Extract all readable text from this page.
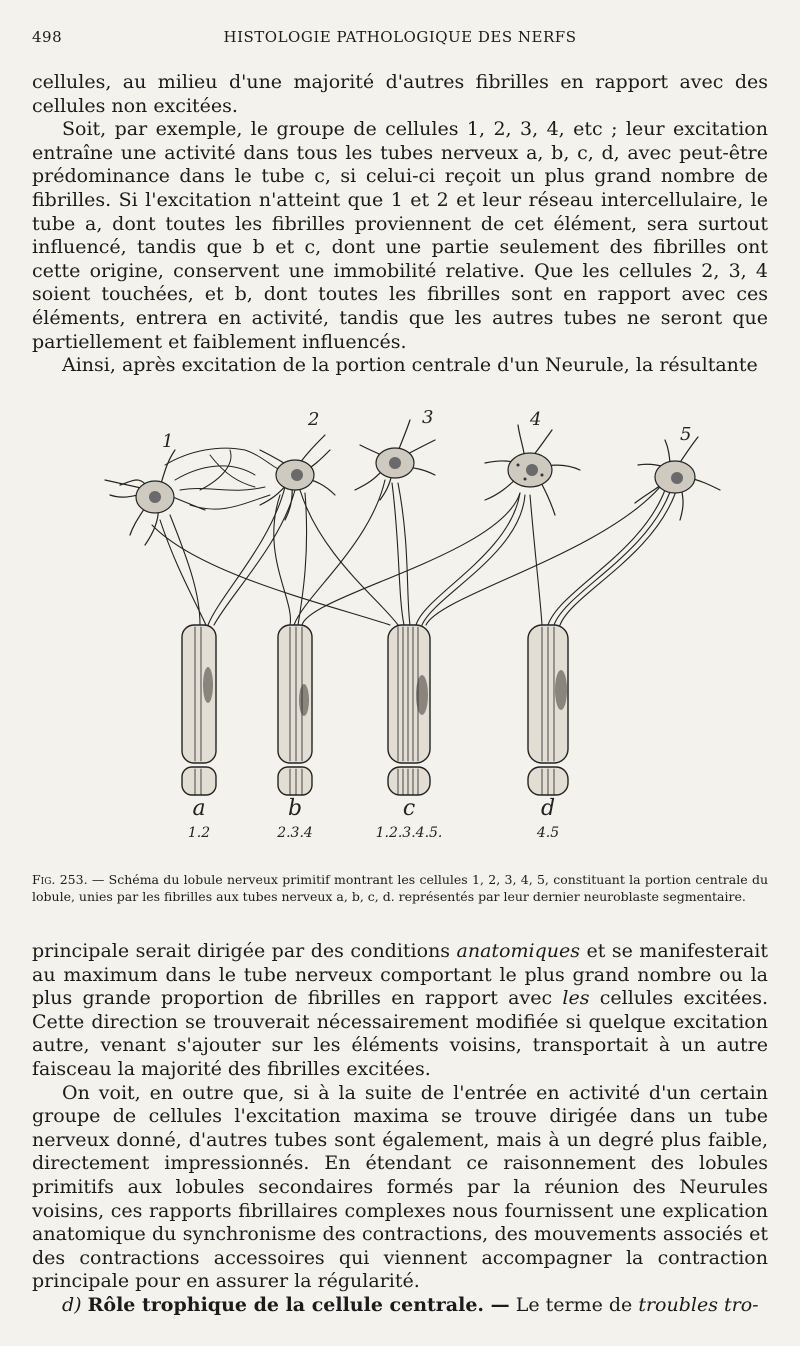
498	HISTOLOGIE PATHOLOGIQUE DES NERFS

cellules, au milieu d'une majorité d'autres fibrilles en rapport avec des cellules non excitées.

Soit, par exemple, le groupe de cellules 1, 2, 3, 4, etc ; leur excitation entraîne une activité dans tous les tubes nerveux a, b, c, d, avec peut-être prédominance dans le tube c, si celui-ci reçoit un plus grand nombre de fibrilles. Si l'excitation n'atteint que 1 et 2 et leur réseau intercellulaire, le tube a, dont toutes les fibrilles proviennent de cet élément, sera surtout influencé, tandis que b et c, dont une partie seulement des fibrilles ont cette origine, conservent une immobilité relative. Que les cellules 2, 3, 4 soient touchées, et b, dont toutes les fibrilles sont en rapport avec ces éléments, entrera en activité, tandis que les autres tubes ne seront que partiellement et faiblement influencés.

Ainsi, après excitation de la portion centrale d'un Neurule, la résultante

1
2	3	4
5
a	b	c	d
1.2	2.3.4	1.2.3.4.5.	4.5
Fig. 253. — Schéma du lobule nerveux primitif montrant les cellules 1, 2, 3, 4, 5, constituant la portion centrale du lobule, unies par les fibrilles aux tubes nerveux a, b, c, d. représentés par leur dernier neuroblaste segmentaire.

principale serait dirigée par des conditions anatomiques et se manifesterait au maximum dans le tube nerveux comportant le plus grand nombre ou la plus grande proportion de fibrilles en rapport avec les cellules excitées. Cette direction se trouverait nécessairement modifiée si quelque excitation autre, venant s'ajouter sur les éléments voisins, transportait à un autre faisceau la majorité des fibrilles excitées.

On voit, en outre que, si à la suite de l'entrée en activité d'un certain groupe de cellules l'excitation maxima se trouve dirigée dans un tube nerveux donné, d'autres tubes sont également, mais à un degré plus faible, directement impressionnés. En étendant ce raisonnement des lobules primitifs aux lobules secondaires formés par la réunion des Neurules voisins, ces rapports fibrillaires complexes nous fournissent une explication anatomique du synchronisme des contractions, des mouvements associés et des contractions accessoires qui viennent accompagner la contraction principale pour en assurer la régularité.

d) Rôle trophique de la cellule centrale. — Le terme de troubles tro-
